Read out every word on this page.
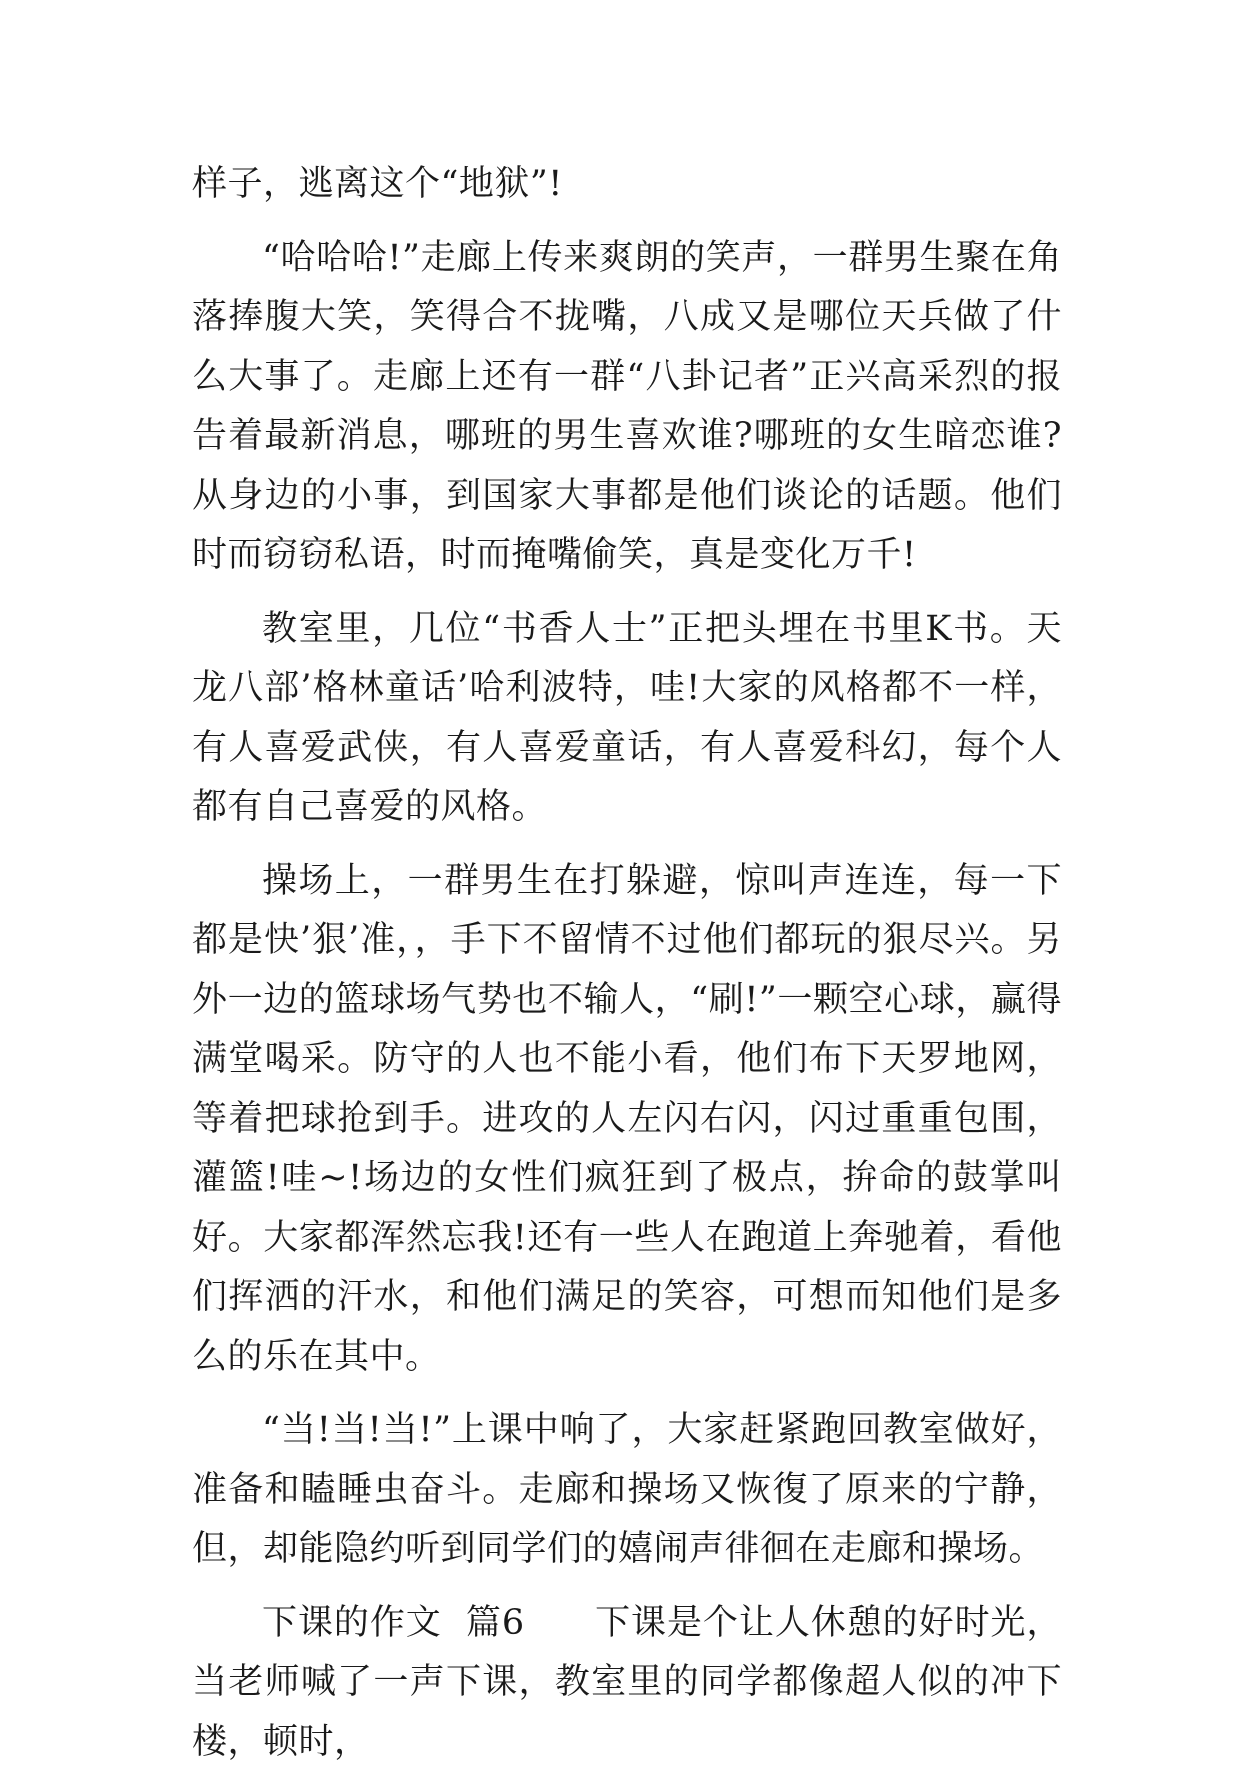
样子，逃离这个“地狱”!

“哈哈哈!”走廊上传来爽朗的笑声，一群男生聚在角落捧腹大笑，笑得合不拢嘴，八成又是哪位天兵做了什么大事了。走廊上还有一群“八卦记者”正兴高采烈的报告着最新消息，哪班的男生喜欢谁?哪班的女生暗恋谁?从身边的小事，到国家大事都是他们谈论的话题。他们时而窃窃私语，时而掩嘴偷笑，真是变化万千!

教室里，几位“书香人士”正把头埋在书里K书。天龙八部’格林童话’哈利波特，哇!大家的风格都不一样，有人喜爱武侠，有人喜爱童话，有人喜爱科幻，每个人都有自己喜爱的风格。

操场上，一群男生在打躲避，惊叫声连连，每一下都是快’狠’准，，手下不留情不过他们都玩的狠尽兴。另外一边的篮球场气势也不输人，“刷!”一颗空心球，赢得满堂喝采。防守的人也不能小看，他们布下天罗地网，等着把球抢到手。进攻的人左闪右闪，闪过重重包围，灌篮!哇~!场边的女性们疯狂到了极点，拚命的鼓掌叫好。大家都浑然忘我!还有一些人在跑道上奔驰着，看他们挥洒的汗水，和他们满足的笑容，可想而知他们是多么的乐在其中。

“当!当!当!”上课中响了，大家赶紧跑回教室做好，准备和瞌睡虫奋斗。走廊和操场又恢復了原来的宁静，但，却能隐约听到同学们的嬉闹声徘徊在走廊和操场。

下课的作文  篇6 下课是个让人休憩的好时光，当老师喊了一声下课，教室里的同学都像超人似的冲下楼，顿时，
